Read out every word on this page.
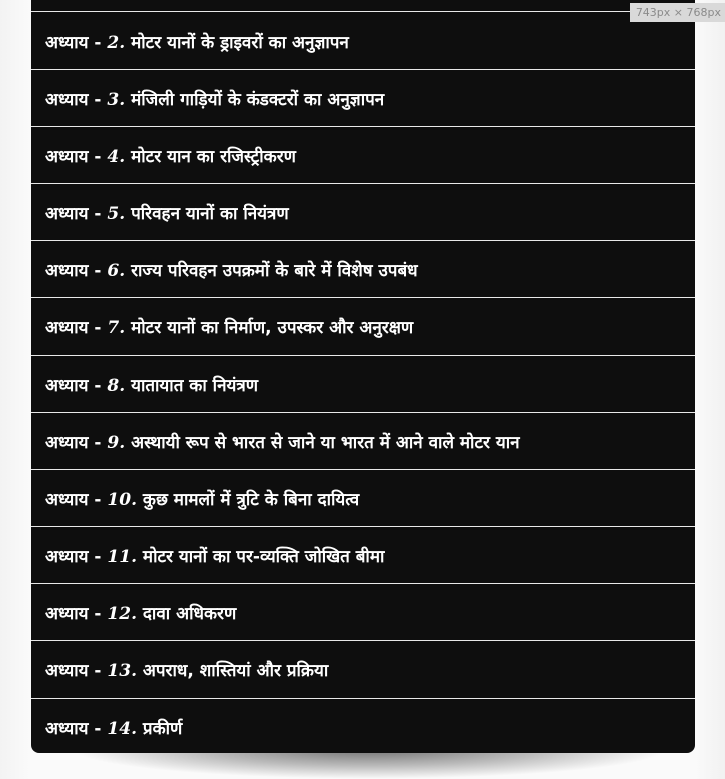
अध्याय - 2. मोटर यानों के ड्राइवरों का अनुज्ञापन
अध्याय - 3. मंजिली गाड़ियों के कंडक्टरों का अनुज्ञापन
अध्याय - 4. मोटर यान का रजिस्ट्रीकरण
अध्याय - 5. परिवहन यानों का नियंत्रण
अध्याय - 6. राज्य परिवहन उपक्रमों के बारे में विशेष उपबंध
अध्याय - 7. मोटर यानों का निर्माण, उपस्कर और अनुरक्षण
अध्याय - 8. यातायात का नियंत्रण
अध्याय - 9. अस्थायी रूप से भारत से जाने या भारत में आने वाले मोटर यान
अध्याय - 10. कुछ मामलों में त्रुटि के बिना दायित्व
अध्याय - 11. मोटर यानों का पर-व्यक्ति जोखित बीमा
अध्याय - 12. दावा अधिकरण
अध्याय - 13. अपराध, शास्तियां और प्रक्रिया
अध्याय - 14. प्रकीर्ण
743px × 768px
